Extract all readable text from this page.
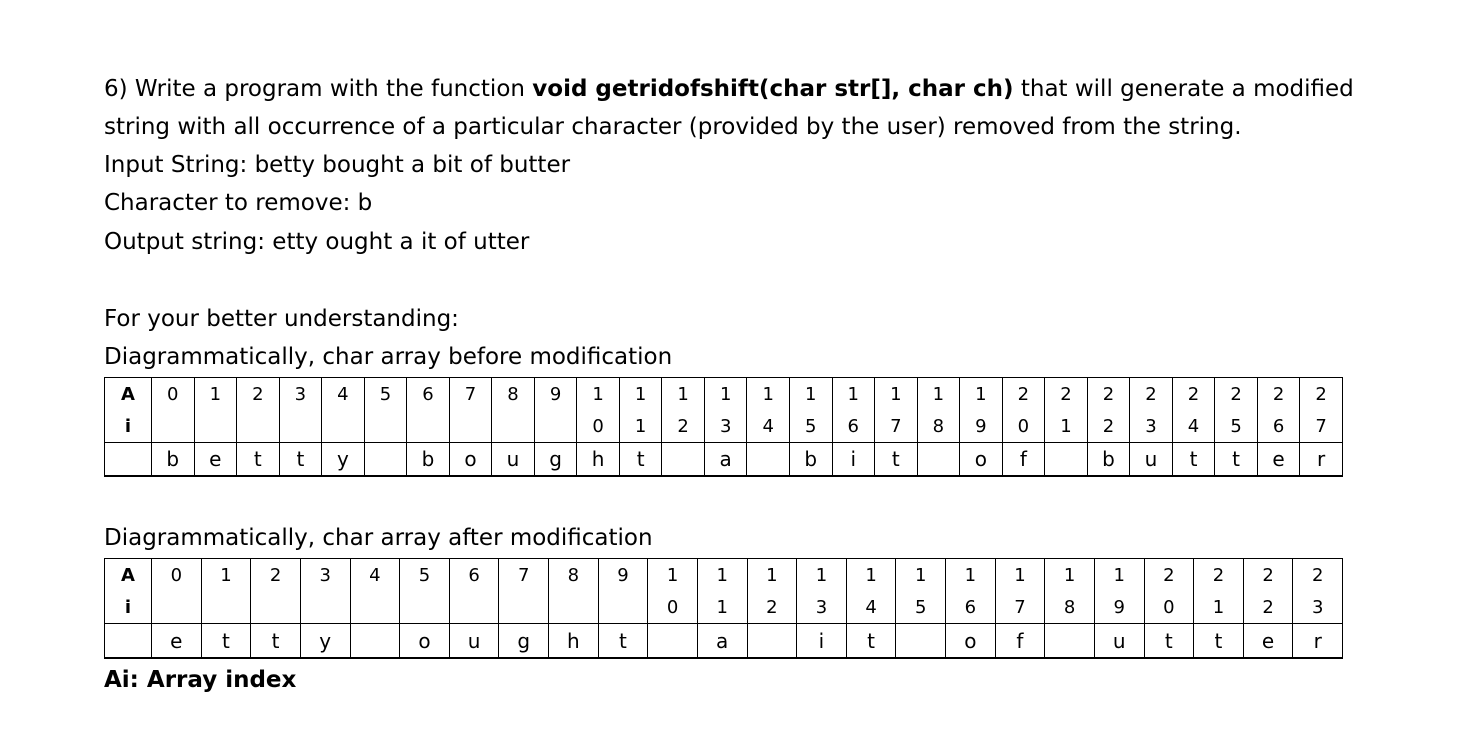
6) Write a program with the function void getridofshift(char str[], char ch) that will generate a modified

string with all occurrence of a particular character (provided by the user) removed from the string.

Input String: betty bought a bit of butter

Character to remove: b

Output string: etty ought a it of utter

For your better understanding:

Diagrammatically, char array before modification

A	0	1	2	3	4	5	6	7	8	9	1	1	1	1	1	1	1	1	1	1	2	2	2	2	2	2	2	2
i											0	1	2	3	4	5	6	7	8	9	0	1	2	3	4	5	6	7
	b	e	t	t	y		b	o	u	g	h	t		a		b	i	t		o	f		b	u	t	t	e	r

Diagrammatically, char array after modification

A	0	1	2	3	4	5	6	7	8	9	1	1	1	1	1	1	1	1	1	1	2	2	2	2
i											0	1	2	3	4	5	6	7	8	9	0	1	2	3
	e	t	t	y		o	u	g	h	t		a		i	t		o	f		u	t	t	e	r

Ai: Array index
